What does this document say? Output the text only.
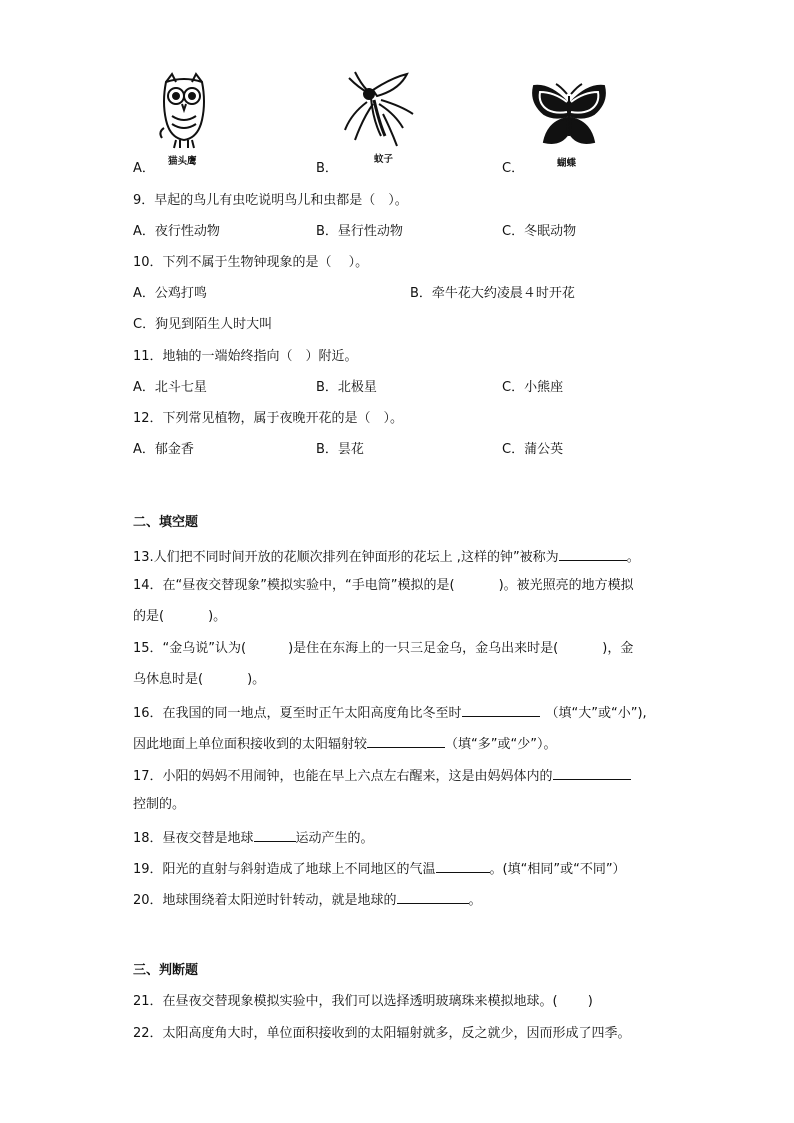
猫头鹰
A．
蚊子
B．	蝴蝶
C．
9．早起的鸟儿有虫吃说明鸟儿和虫都是（　）。
A．夜行性动物	B．昼行性动物	C．冬眠动物
10．下列不属于生物钟现象的是（　 ）。
A．公鸡打鸣	B．牵牛花大约凌晨４时开花
C．狗见到陌生人时大叫
11．地轴的一端始终指向（　）附近。
A．北斗七星	B．北极星	C．小熊座
12．下列常见植物，属于夜晚开花的是（　）。
A．郁金香	B．昙花	C．蒲公英
二、填空题
13.人们把不同时间开放的花顺次排列在钟面形的花坛上 ,这样的钟”被称为	。
14．在“昼夜交替现象”模拟实验中，“手电筒”模拟的是(	)。被光照亮的地方模拟
的是(	)。
15．“金乌说”认为(	)是住在东海上的一只三足金乌，金乌出来时是(	)，金
乌休息时是(	)。
16．在我国的同一地点，夏至时正午太阳高度角比冬至时	（填“大”或“小”),
因此地面上单位面积接收到的太阳辐射较	（填“多”或“少”）。
17．小阳的妈妈不用闹钟，也能在早上六点左右醒来，这是由妈妈体内的
控制的。
18．昼夜交替是地球	运动产生的。
19．阳光的直射与斜射造成了地球上不同地区的气温	。(填“相同”或“不同”）
20．地球围绕着太阳逆时针转动，就是地球的	。
三、判断题
21．在昼夜交替现象模拟实验中，我们可以选择透明玻璃珠来模拟地球。(　　 )
22．太阳高度角大时，单位面积接收到的太阳辐射就多，反之就少，因而形成了四季。
